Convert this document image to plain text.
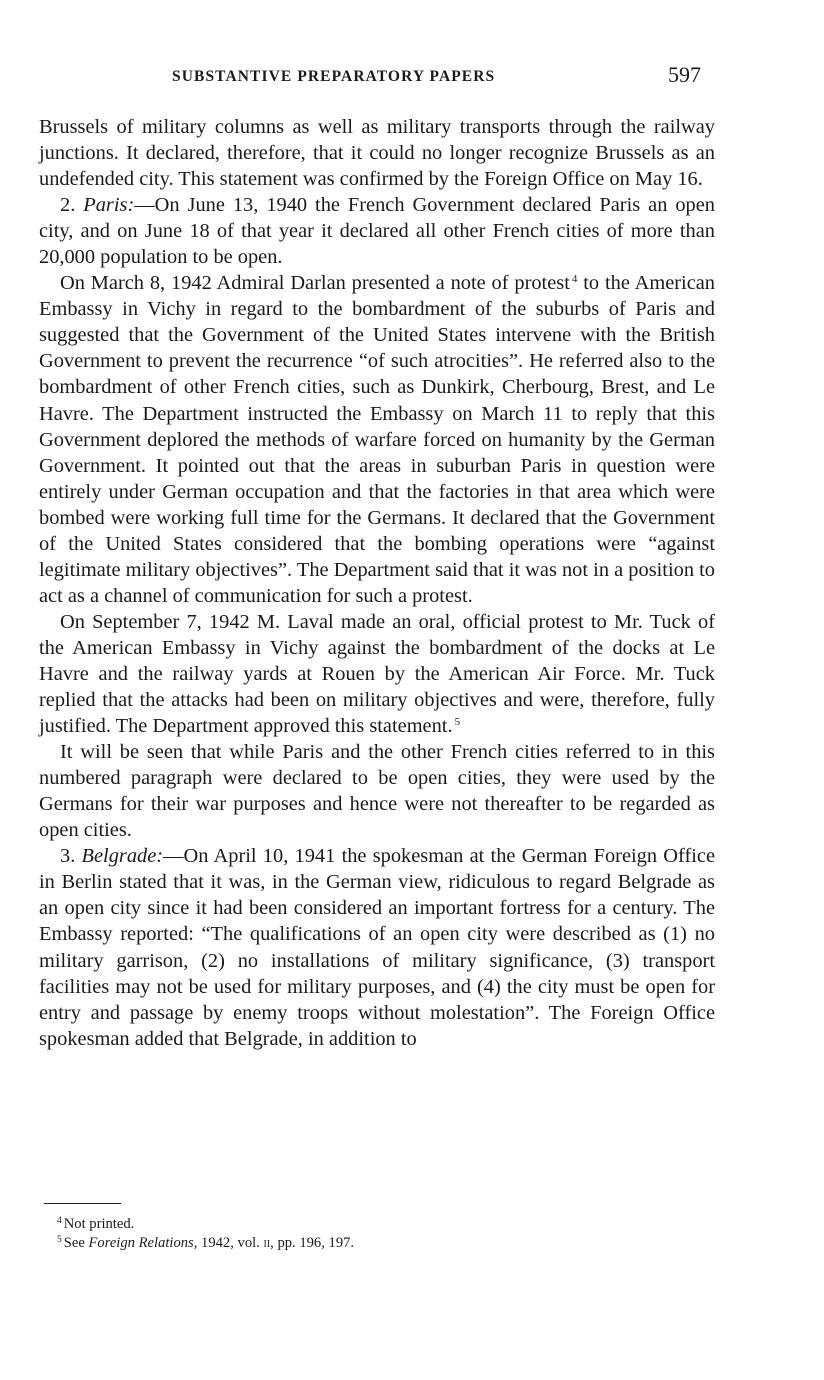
SUBSTANTIVE PREPARATORY PAPERS	597

Brussels of military columns as well as military transports through the railway junctions. It declared, therefore, that it could no longer recognize Brussels as an undefended city. This statement was confirmed by the Foreign Office on May 16.

2. Paris:—On June 13, 1940 the French Government declared Paris an open city, and on June 18 of that year it declared all other French cities of more than 20,000 population to be open.

On March 8, 1942 Admiral Darlan presented a note of protest $^4$ to the American Embassy in Vichy in regard to the bombardment of the suburbs of Paris and suggested that the Government of the United States intervene with the British Government to prevent the recurrence “of such atrocities”. He referred also to the bombardment of other French cities, such as Dunkirk, Cherbourg, Brest, and Le Havre. The Department instructed the Embassy on March 11 to reply that this Government deplored the methods of warfare forced on humanity by the German Government. It pointed out that the areas in suburban Paris in question were entirely under German occupation and that the factories in that area which were bombed were working full time for the Germans. It declared that the Government of the United States considered that the bombing operations were “against legitimate military objectives”. The Department said that it was not in a position to act as a channel of communication for such a protest.

On September 7, 1942 M. Laval made an oral, official protest to Mr. Tuck of the American Embassy in Vichy against the bombardment of the docks at Le Havre and the railway yards at Rouen by the American Air Force. Mr. Tuck replied that the attacks had been on military objectives and were, therefore, fully justified. The Department approved this statement. $^5$

It will be seen that while Paris and the other French cities referred to in this numbered paragraph were declared to be open cities, they were used by the Germans for their war purposes and hence were not thereafter to be regarded as open cities.

3. Belgrade:—On April 10, 1941 the spokesman at the German Foreign Office in Berlin stated that it was, in the German view, ridiculous to regard Belgrade as an open city since it had been considered an important fortress for a century. The Embassy reported: “The qualifications of an open city were described as (1) no military garrison, (2) no installations of military significance, (3) transport facilities may not be used for military purposes, and (4) the city must be open for entry and passage by enemy troops without molestation”. The Foreign Office spokesman added that Belgrade, in addition to

$^4$ Not printed.

$^5$ See Foreign Relations, 1942, vol. ii, pp. 196, 197.
